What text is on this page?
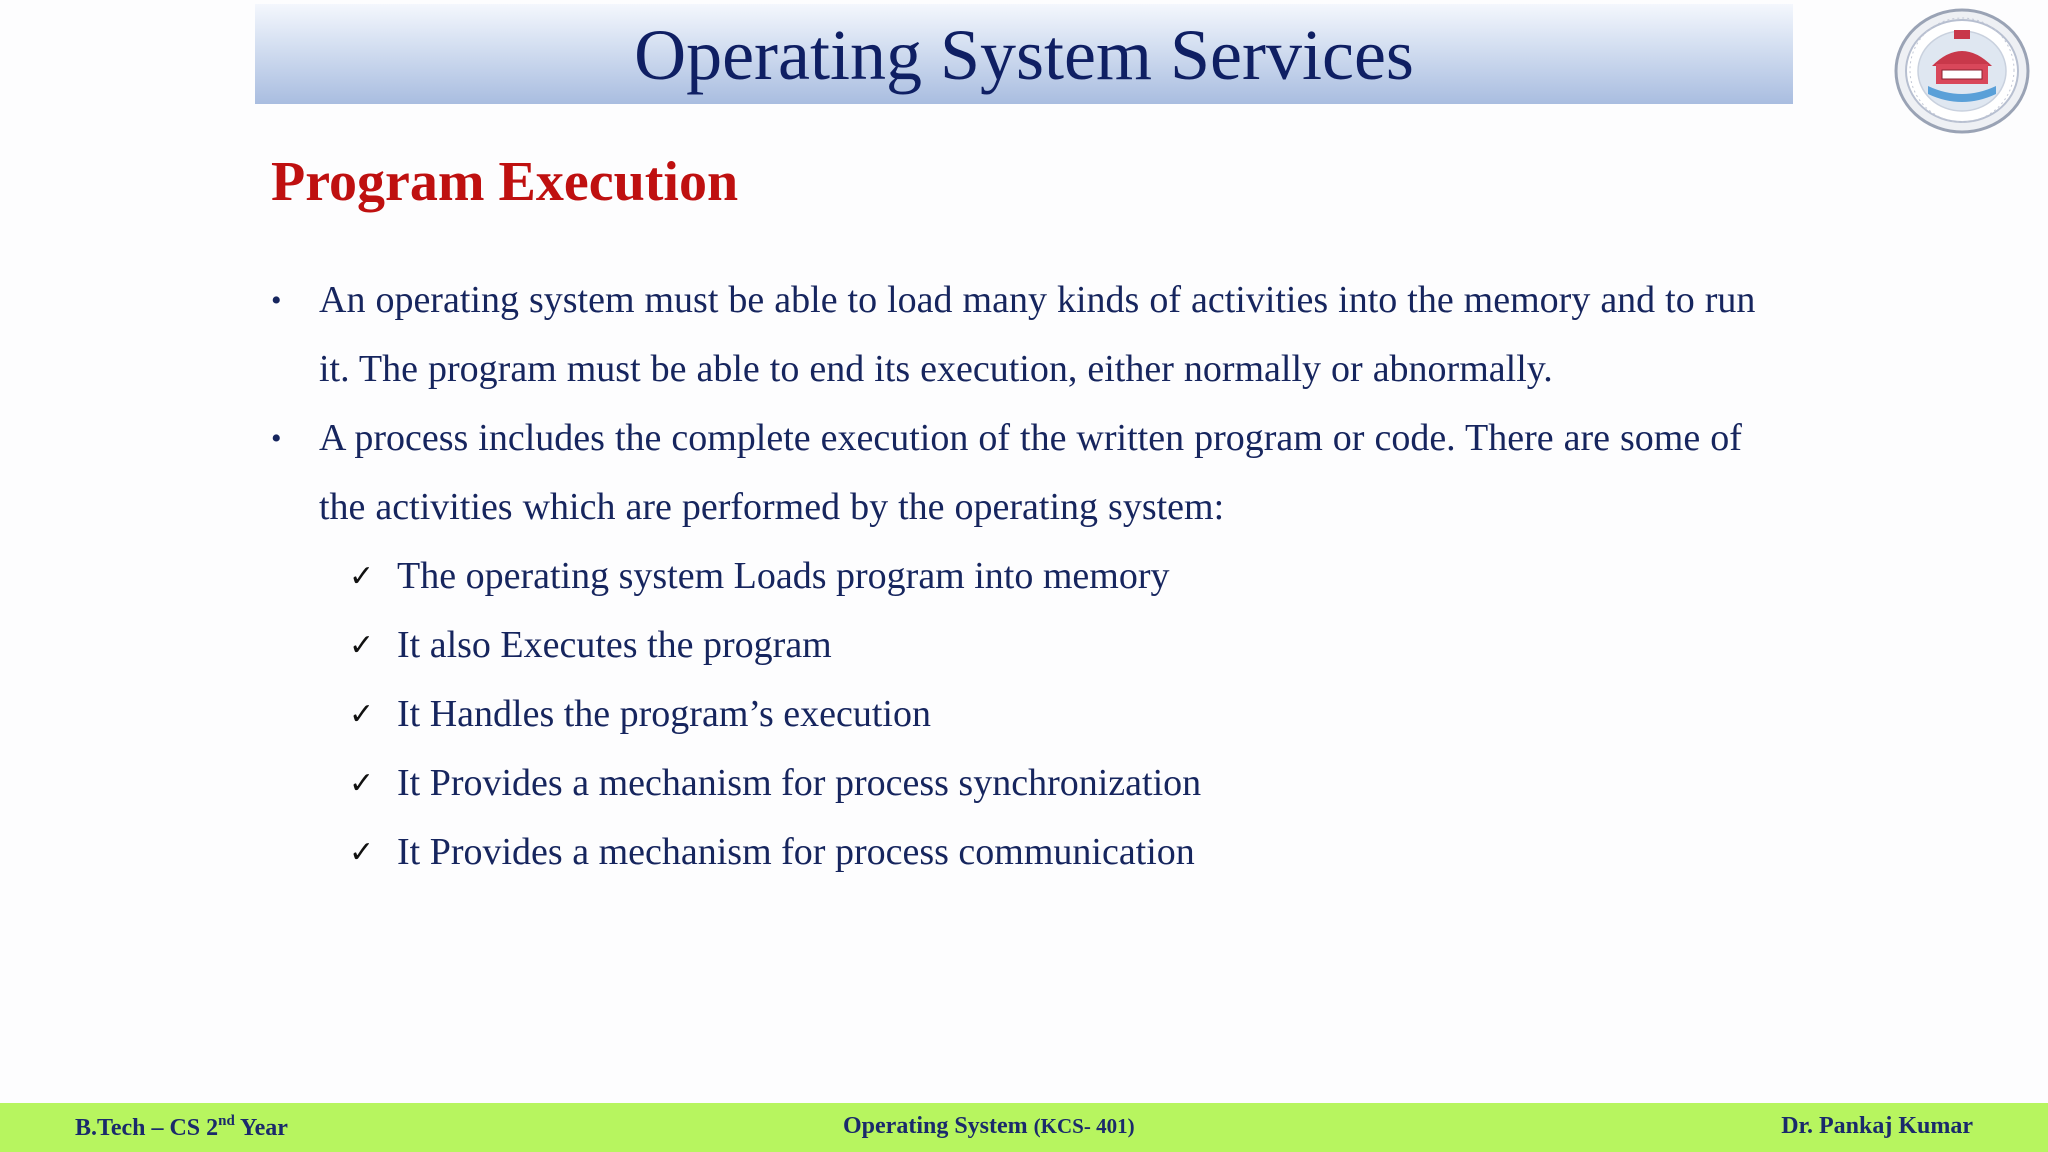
Operating System Services
Program Execution
• An operating system must be able to load many kinds of activities into the memory and to run it. The program must be able to end its execution, either normally or abnormally.
• A process includes the complete execution of the written program or code. There are some of the activities which are performed by the operating system:
✓ The operating system Loads program into memory
✓ It also Executes the program
✓ It Handles the program’s execution
✓ It Provides a mechanism for process synchronization
✓ It Provides a mechanism for process communication
B.Tech – CS 2nd Year	Operating System (KCS- 401)	Dr. Pankaj Kumar
